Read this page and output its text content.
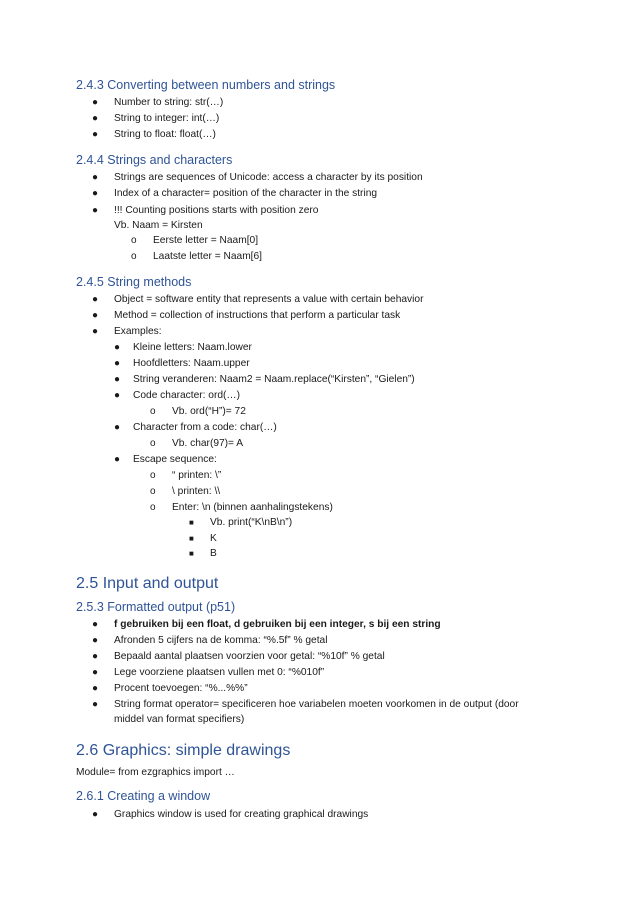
2.4.3 Converting between numbers and strings
● Number to string: str(…)
● String to integer: int(…)
● String to float: float(…)
2.4.4 Strings and characters
● Strings are sequences of Unicode: access a character by its position
● Index of a character= position of the character in the string
● !!! Counting positions starts with position zero
Vb. Naam = Kirsten
o Eerste letter = Naam[0]
o Laatste letter = Naam[6]
2.4.5 String methods
● Object = software entity that represents a value with certain behavior
● Method = collection of instructions that perform a particular task
● Examples:
● Kleine letters: Naam.lower
● Hoofdletters: Naam.upper
● String veranderen: Naam2 = Naam.replace(“Kirsten”, “Gielen”)
● Code character: ord(…)
o Vb. ord(“H”)= 72
● Character from a code: char(…)
o Vb. char(97)= A
● Escape sequence:
o “ printen: \”
o \ printen: \\
o Enter: \n (binnen aanhalingstekens)
■ Vb. print(“K\nB\n”)
■ K
■ B
2.5 Input and output
2.5.3 Formatted output (p51)
● f gebruiken bij een float, d gebruiken bij een integer, s bij een string
● Afronden 5 cijfers na de komma: “%.5f” % getal
● Bepaald aantal plaatsen voorzien voor getal: “%10f” % getal
● Lege voorziene plaatsen vullen met 0: “%010f”
● Procent toevoegen: “%...%%”
● String format operator= specificeren hoe variabelen moeten voorkomen in de output (door
middel van format specifiers)
2.6 Graphics: simple drawings
Module= from ezgraphics import …
2.6.1 Creating a window
● Graphics window is used for creating graphical drawings
